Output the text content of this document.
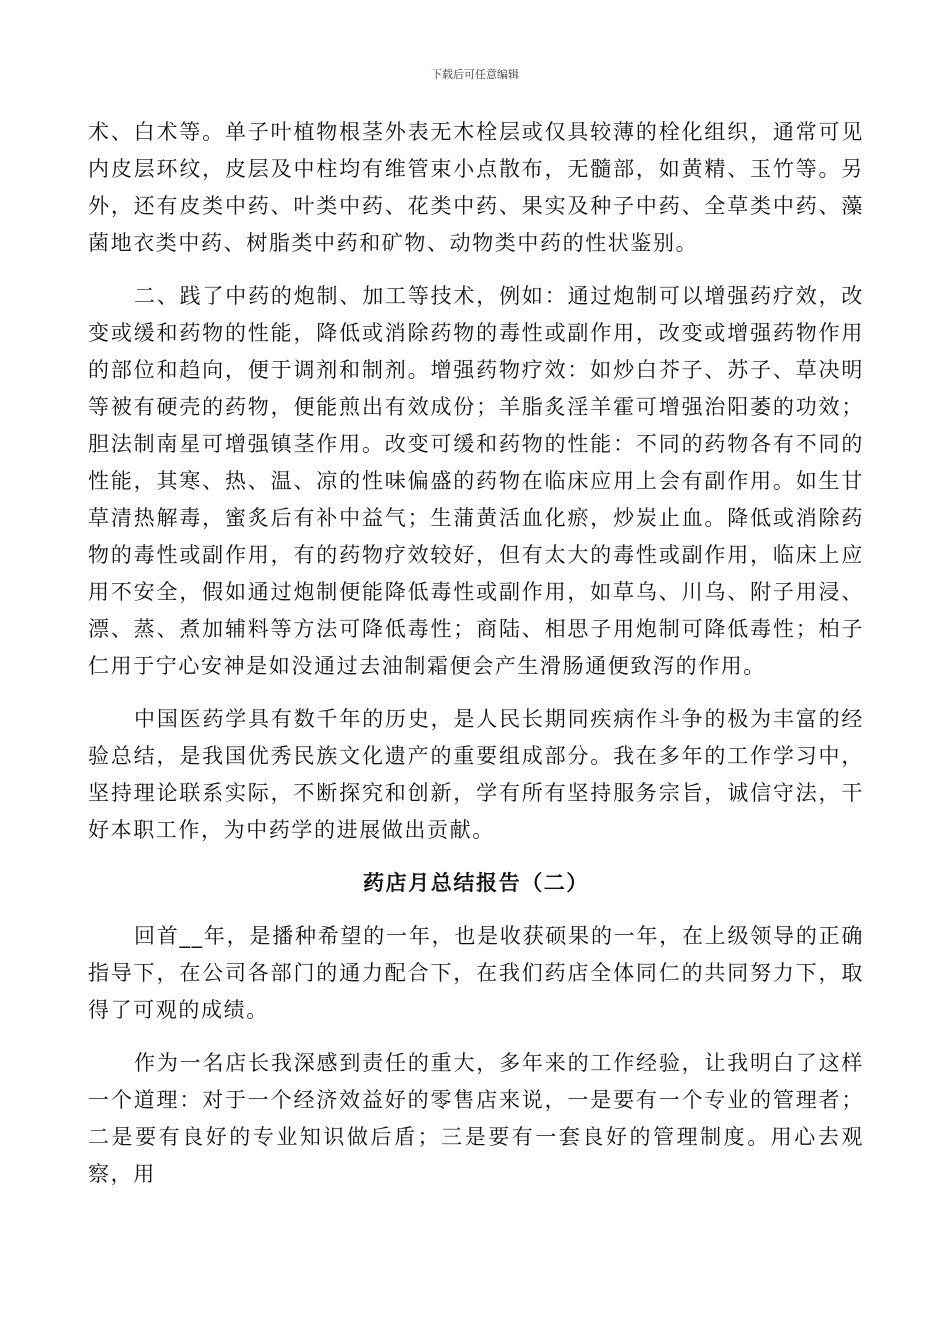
下载后可任意编辑

术、白术等。单子叶植物根茎外表无木栓层或仅具较薄的栓化组织，通常可见内皮层环纹，皮层及中柱均有维管束小点散布，无髓部，如黄精、玉竹等。另外，还有皮类中药、叶类中药、花类中药、果实及种子中药、全草类中药、藻菌地衣类中药、树脂类中药和矿物、动物类中药的性状鉴别。

二、践了中药的炮制、加工等技术，例如：通过炮制可以增强药疗效，改变或缓和药物的性能，降低或消除药物的毒性或副作用，改变或增强药物作用的部位和趋向，便于调剂和制剂。增强药物疗效：如炒白芥子、苏子、草决明等被有硬壳的药物，便能煎出有效成份；羊脂炙淫羊霍可增强治阳萎的功效；胆法制南星可增强镇茎作用。改变可缓和药物的性能：不同的药物各有不同的性能，其寒、热、温、凉的性味偏盛的药物在临床应用上会有副作用。如生甘草清热解毒，蜜炙后有补中益气；生蒲黄活血化瘀，炒炭止血。降低或消除药物的毒性或副作用，有的药物疗效较好，但有太大的毒性或副作用，临床上应用不安全，假如通过炮制便能降低毒性或副作用，如草乌、川乌、附子用浸、漂、蒸、煮加辅料等方法可降低毒性；商陆、相思子用炮制可降低毒性；柏子仁用于宁心安神是如没通过去油制霜便会产生滑肠通便致泻的作用。

中国医药学具有数千年的历史，是人民长期同疾病作斗争的极为丰富的经验总结，是我国优秀民族文化遗产的重要组成部分。我在多年的工作学习中，坚持理论联系实际，不断探究和创新，学有所有坚持服务宗旨，诚信守法，干好本职工作，为中药学的进展做出贡献。

药店月总结报告（二）

回首__年，是播种希望的一年，也是收获硕果的一年，在上级领导的正确指导下，在公司各部门的通力配合下，在我们药店全体同仁的共同努力下，取得了可观的成绩。

作为一名店长我深感到责任的重大，多年来的工作经验，让我明白了这样一个道理：对于一个经济效益好的零售店来说，一是要有一个专业的管理者；二是要有良好的专业知识做后盾；三是要有一套良好的管理制度。用心去观察，用
